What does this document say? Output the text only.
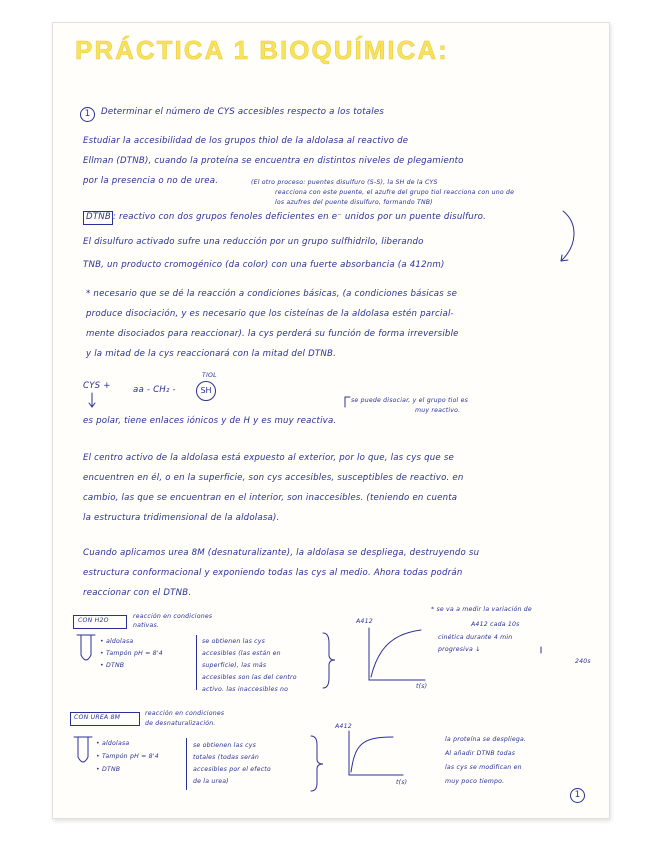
PRÁCTICA 1 BIOQUÍMICA:
1	Determinar el número de CYS accesibles respecto a los totales
Estudiar la accesibilidad de los grupos thiol de la aldolasa al reactivo de
Ellman (DTNB), cuando la proteína se encuentra en distintos niveles de plegamiento
por la presencia o no de urea.	(El otro proceso: puentes disulfuro (S-S), la SH de la CYS
reacciona con este puente, el azufre del grupo tiol reacciona con uno de
los azufres del puente disulfuro, formando TNB)
DTNB : reactivo con dos grupos fenoles deficientes en e⁻ unidos por un puente disulfuro.
El disulfuro activado sufre una reducción por un grupo sulfhidrilo, liberando
TNB, un producto cromogénico (da color) con una fuerte absorbancia (a 412nm)
* necesario que se dé la reacción a condiciones básicas, (a condiciones básicas se
produce disociación, y es necesario que los cisteínas de la aldolasa estén parcial-
mente disociados para reaccionar). la cys perderá su función de forma irreversible
y la mitad de la cys reaccionará con la mitad del DTNB.
CYS +	aa - CH₂ -	SH
TIOL
se puede disociar, y el grupo tiol es
muy reactivo.
es polar, tiene enlaces iónicos y de H y es muy reactiva.
El centro activo de la aldolasa está expuesto al exterior, por lo que, las cys que se
encuentren en él, o en la superficie, son cys accesibles, susceptibles de reactivo. en
cambio, las que se encuentran en el interior, son inaccesibles. (teniendo en cuenta
la estructura tridimensional de la aldolasa).
Cuando aplicamos urea 8M (desnaturalizante), la aldolasa se despliega, destruyendo su
estructura conformacional y exponiendo todas las cys al medio. Ahora todas podrán
reaccionar con el DTNB.
* se va a medir la variación de
A412 cada 10s
cinética durante 4 min
progresiva ↓
240s
CON H2O
reacción en condiciones
nativas.
• aldolasa
• Tampón pH = 8'4
• DTNB
se obtienen las cys
accesibles (las están en
superficie), las más
accesibles son las del centro
activo. las inaccesibles no
A412
t(s)
CON UREA 8M
reacción en condiciones
de desnaturalización.
• aldolasa
• Tampón pH = 8'4
• DTNB
se obtienen las cys
totales (todas serán
accesibles por el efecto
de la urea)
A412
t(s)
la proteína se despliega.
Al añadir DTNB todas
las cys se modifican en
muy poco tiempo.
1
